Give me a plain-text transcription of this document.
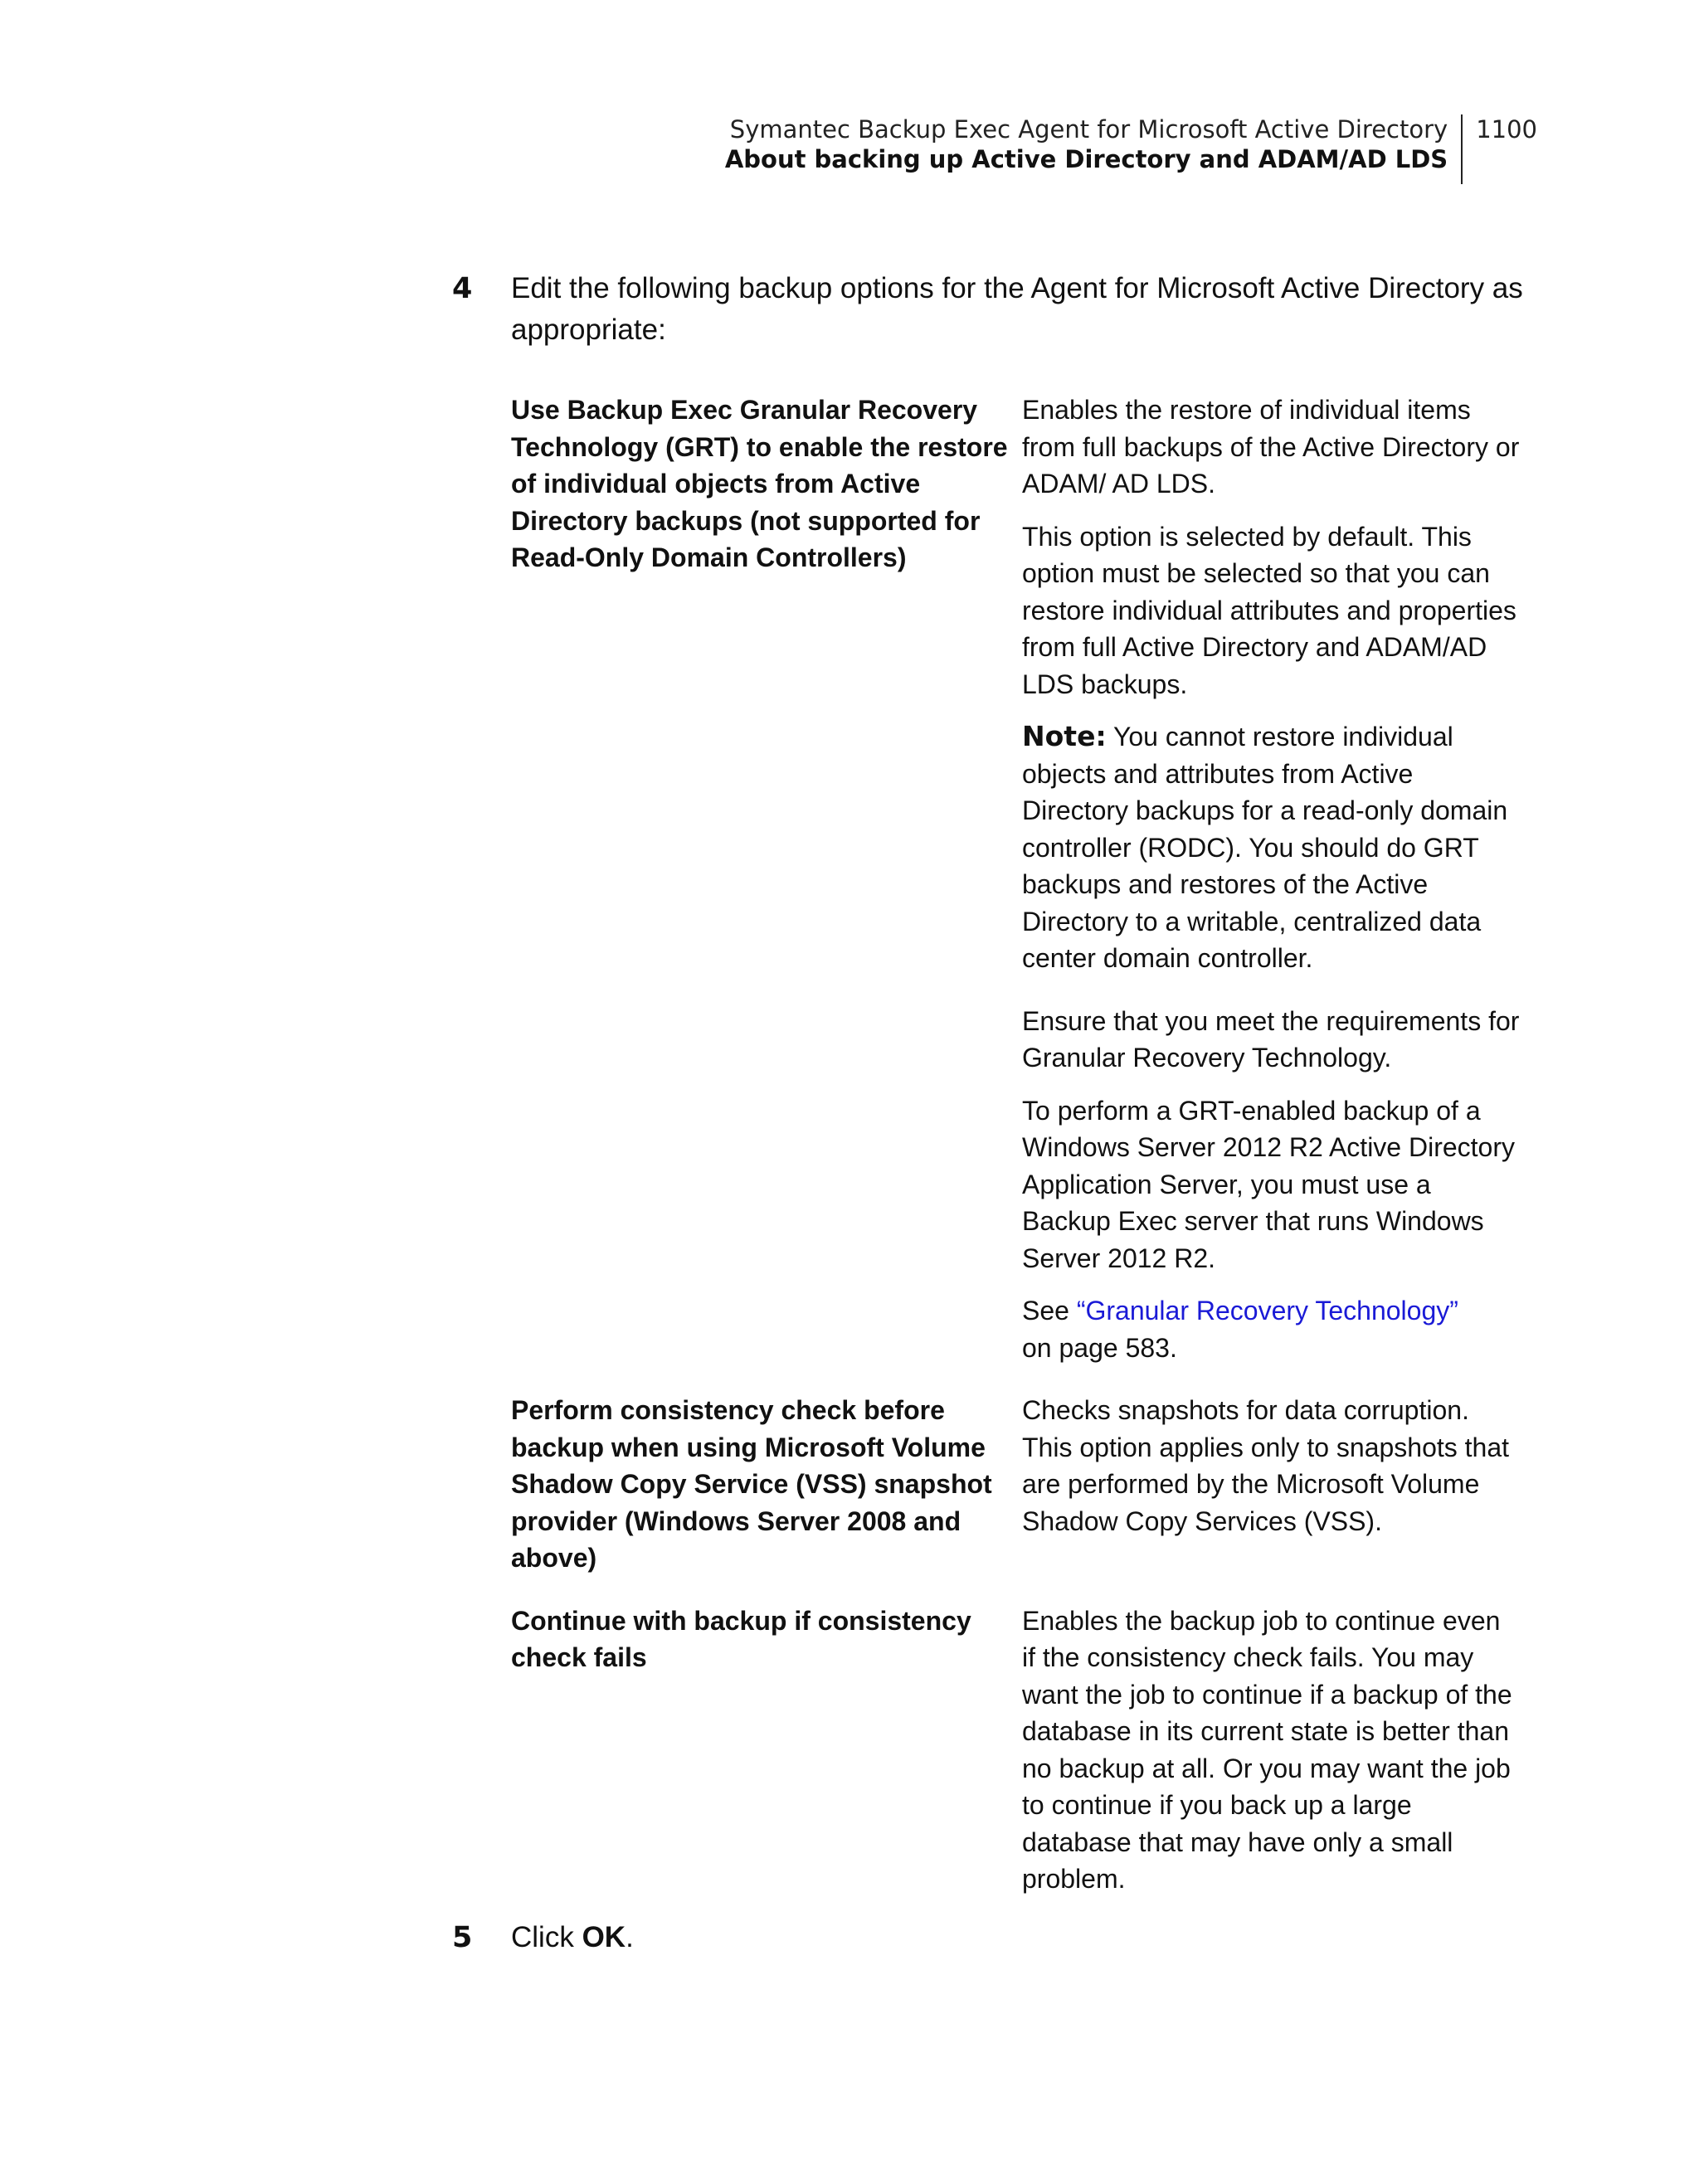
Symantec Backup Exec Agent for Microsoft Active Directory
About backing up Active Directory and ADAM/AD LDS
1100
4	Edit the following backup options for the Agent for Microsoft Active Directory as appropriate:
Use Backup Exec Granular Recovery Technology (GRT) to enable the restore of individual objects from Active Directory backups (not supported for Read-Only Domain Controllers)

Enables the restore of individual items from full backups of the Active Directory or ADAM/ AD LDS.

This option is selected by default. This option must be selected so that you can restore individual attributes and properties from full Active Directory and ADAM/AD LDS backups.

Note: You cannot restore individual objects and attributes from Active Directory backups for a read-only domain controller (RODC). You should do GRT backups and restores of the Active Directory to a writable, centralized data center domain controller.

Ensure that you meet the requirements for Granular Recovery Technology.

To perform a GRT-enabled backup of a Windows Server 2012 R2 Active Directory Application Server, you must use a Backup Exec server that runs Windows Server 2012 R2.

See “Granular Recovery Technology”
on page 583.

Perform consistency check before backup when using Microsoft Volume Shadow Copy Service (VSS) snapshot provider (Windows Server 2008 and above)

Checks snapshots for data corruption. This option applies only to snapshots that are performed by the Microsoft Volume Shadow Copy Services (VSS).

Continue with backup if consistency check fails

Enables the backup job to continue even if the consistency check fails. You may want the job to continue if a backup of the database in its current state is better than no backup at all. Or you may want the job to continue if you back up a large database that may have only a small problem.

5	Click OK.
